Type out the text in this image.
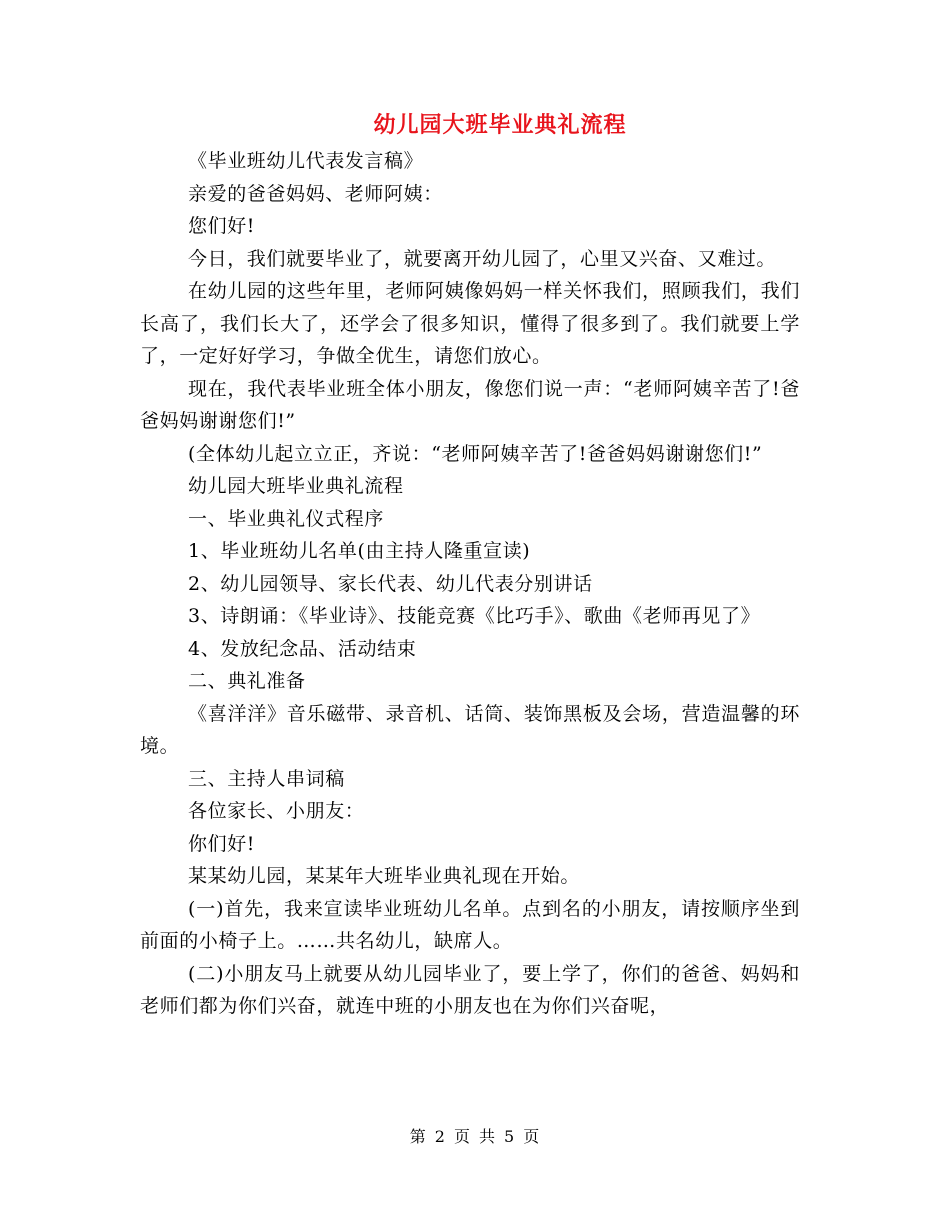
幼儿园大班毕业典礼流程

《毕业班幼儿代表发言稿》

亲爱的爸爸妈妈、老师阿姨：

您们好!

今日，我们就要毕业了，就要离开幼儿园了，心里又兴奋、又难过。

在幼儿园的这些年里，老师阿姨像妈妈一样关怀我们，照顾我们，我们长高了，我们长大了，还学会了很多知识，懂得了很多到了。我们就要上学了，一定好好学习，争做全优生，请您们放心。

现在，我代表毕业班全体小朋友，像您们说一声：“老师阿姨辛苦了!爸爸妈妈谢谢您们!”

(全体幼儿起立立正，齐说：“老师阿姨辛苦了!爸爸妈妈谢谢您们!”

幼儿园大班毕业典礼流程

一、毕业典礼仪式程序

1、毕业班幼儿名单(由主持人隆重宣读)

2、幼儿园领导、家长代表、幼儿代表分别讲话

3、诗朗诵：《毕业诗》、技能竞赛《比巧手》、歌曲《老师再见了》

4、发放纪念品、活动结束

二、典礼准备

《喜洋洋》音乐磁带、录音机、话筒、装饰黑板及会场，营造温馨的环境。

三、主持人串词稿

各位家长、小朋友：

你们好!

某某幼儿园，某某年大班毕业典礼现在开始。

(一)首先，我来宣读毕业班幼儿名单。点到名的小朋友，请按顺序坐到前面的小椅子上。……共名幼儿，缺席人。

(二)小朋友马上就要从幼儿园毕业了，要上学了，你们的爸爸、妈妈和老师们都为你们兴奋，就连中班的小朋友也在为你们兴奋呢，

第 2 页 共 5 页
